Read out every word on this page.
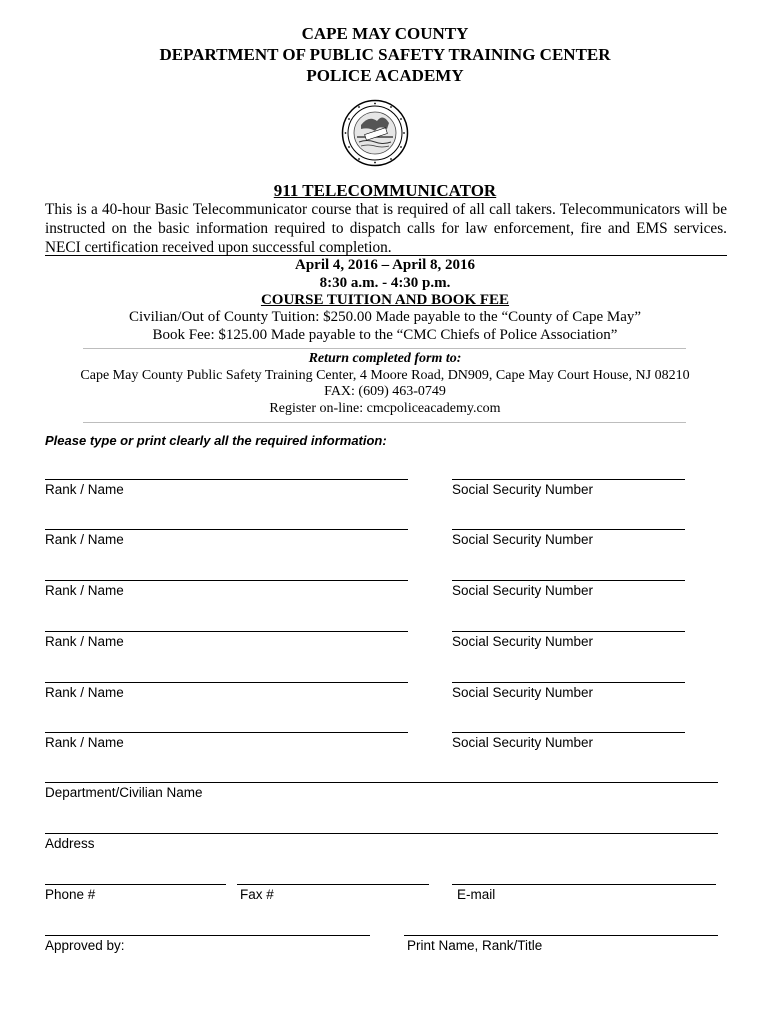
CAPE MAY COUNTY
DEPARTMENT OF PUBLIC SAFETY TRAINING CENTER
POLICE ACADEMY
911 TELECOMMUNICATOR
This is a 40-hour Basic Telecommunicator course that is required of all call takers. Telecommunicators will be instructed on the basic information required to dispatch calls for law enforcement, fire and EMS services. NECI certification received upon successful completion.
April 4, 2016 – April 8, 2016
8:30 a.m. - 4:30 p.m.
COURSE TUITION AND BOOK FEE
Civilian/Out of County Tuition: $250.00 Made payable to the “County of Cape May”
Book Fee: $125.00 Made payable to the “CMC Chiefs of Police Association”
Return completed form to:
Cape May County Public Safety Training Center, 4 Moore Road, DN909, Cape May Court House, NJ 08210
FAX: (609) 463-0749
Register on-line: cmcpoliceacademy.com
Please type or print clearly all the required information:
Rank / Name	Social Security Number
Rank / Name	Social Security Number
Rank / Name	Social Security Number
Rank / Name	Social Security Number
Rank / Name	Social Security Number
Rank / Name	Social Security Number
Department/Civilian Name
Address
Phone #	Fax #	E-mail
Approved by:	Print Name, Rank/Title
